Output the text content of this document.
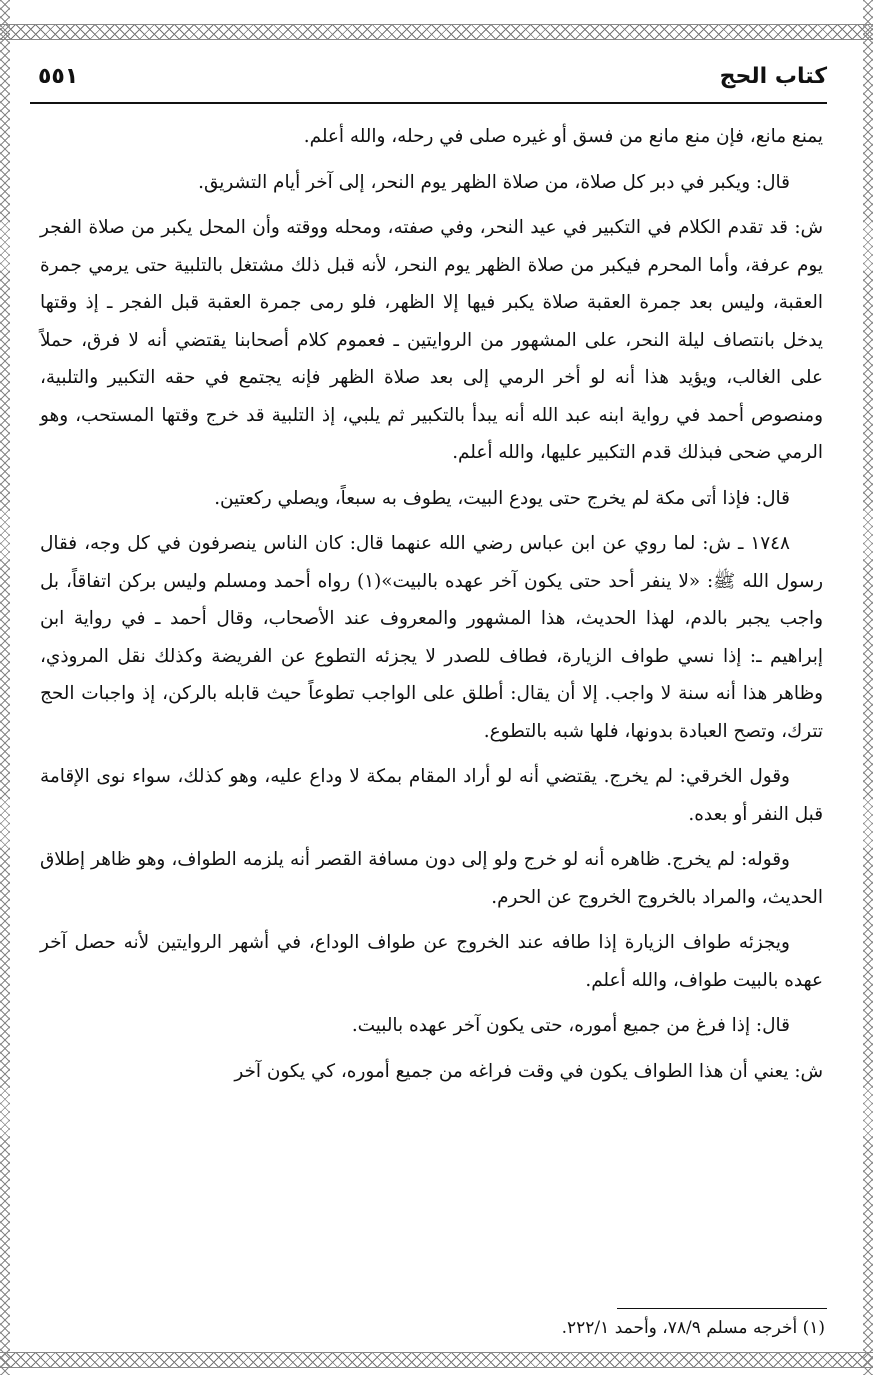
كتاب الحج
٥٥١

يمنع مانع، فإن منع مانع من فسق أو غيره صلى في رحله، والله أعلم.

قال: ويكبر في دبر كل صلاة، من صلاة الظهر يوم النحر، إلى آخر أيام التشريق.

ش: قد تقدم الكلام في التكبير في عيد النحر، وفي صفته، ومحله ووقته وأن المحل يكبر من صلاة الفجر يوم عرفة، وأما المحرم فيكبر من صلاة الظهر يوم النحر، لأنه قبل ذلك مشتغل بالتلبية حتى يرمي جمرة العقبة، وليس بعد جمرة العقبة صلاة يكبر فيها إلا الظهر، فلو رمى جمرة العقبة قبل الفجر ـ إذ وقتها يدخل بانتصاف ليلة النحر، على المشهور من الروايتين ـ فعموم كلام أصحابنا يقتضي أنه لا فرق، حملاً على الغالب، ويؤيد هذا أنه لو أخر الرمي إلى بعد صلاة الظهر فإنه يجتمع في حقه التكبير والتلبية، ومنصوص أحمد في رواية ابنه عبد الله أنه يبدأ بالتكبير ثم يلبي، إذ التلبية قد خرج وقتها المستحب، وهو الرمي ضحى فبذلك قدم التكبير عليها، والله أعلم.

قال: فإذا أتى مكة لم يخرج حتى يودع البيت، يطوف به سبعاً، ويصلي ركعتين.

١٧٤٨ ـ ش: لما روي عن ابن عباس رضي الله عنهما قال: كان الناس ينصرفون في كل وجه، فقال رسول الله ﷺ: «لا ينفر أحد حتى يكون آخر عهده بالبيت»(١) رواه أحمد ومسلم وليس بركن اتفاقاً، بل واجب يجبر بالدم، لهذا الحديث، هذا المشهور والمعروف عند الأصحاب، وقال أحمد ـ في رواية ابن إبراهيم ـ: إذا نسي طواف الزيارة، فطاف للصدر لا يجزئه التطوع عن الفريضة وكذلك نقل المروذي، وظاهر هذا أنه سنة لا واجب. إلا أن يقال: أطلق على الواجب تطوعاً حيث قابله بالركن، إذ واجبات الحج تترك، وتصح العبادة بدونها، فلها شبه بالتطوع.

وقول الخرقي: لم يخرج. يقتضي أنه لو أراد المقام بمكة لا وداع عليه، وهو كذلك، سواء نوى الإقامة قبل النفر أو بعده.

وقوله: لم يخرج. ظاهره أنه لو خرج ولو إلى دون مسافة القصر أنه يلزمه الطواف، وهو ظاهر إطلاق الحديث، والمراد بالخروج الخروج عن الحرم.

ويجزئه طواف الزيارة إذا طافه عند الخروج عن طواف الوداع، في أشهر الروايتين لأنه حصل آخر عهده بالبيت طواف، والله أعلم.

قال: إذا فرغ من جميع أموره، حتى يكون آخر عهده بالبيت.

ش: يعني أن هذا الطواف يكون في وقت فراغه من جميع أموره، كي يكون آخر

(١) أخرجه مسلم ٧٨/٩، وأحمد ٢٢٢/١.
